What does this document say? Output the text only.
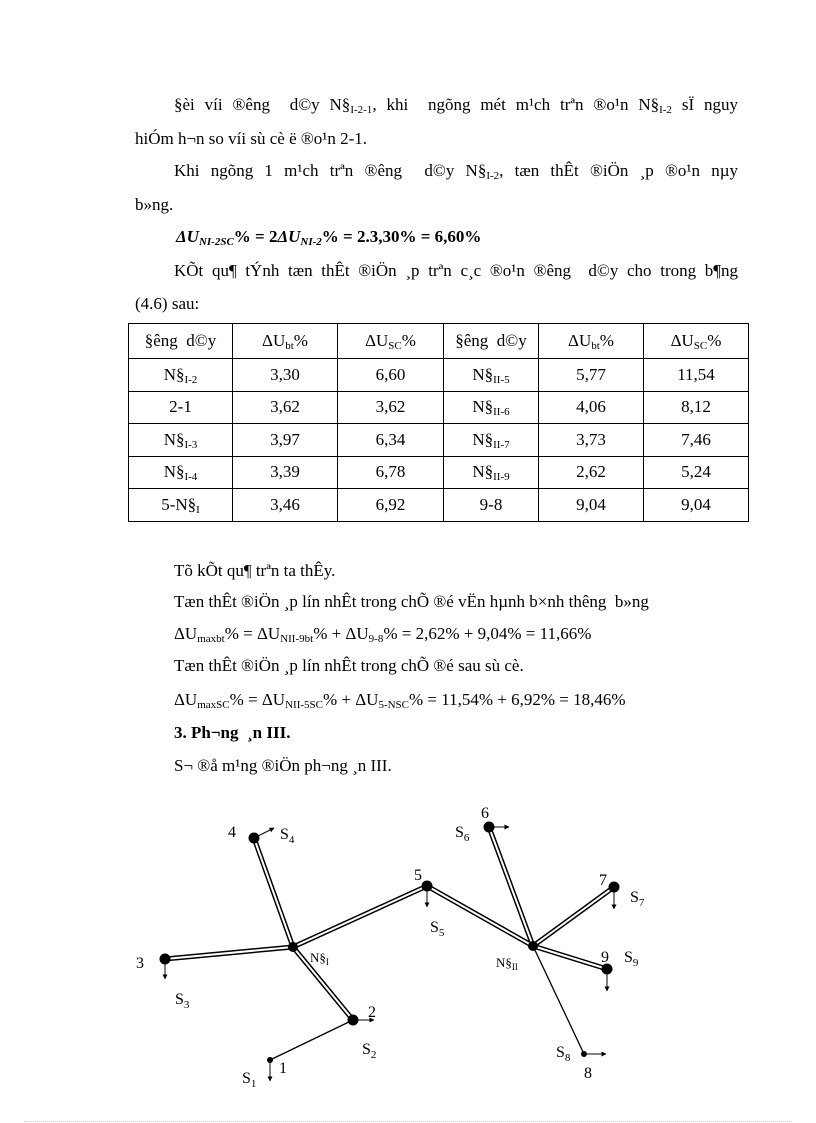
§èi víi ®êng  d©y $N\S_{I-2-1}$, khi  ngõng mét m¹ch trªn ®o¹n $N\S_{I-2}$ sÏ nguy
hiÓm h¬n so víi sù cè ë ®o¹n 2-1.
Khi ngõng 1 m¹ch trªn ®êng  d©y $N\S_{I-2}$, tæn thÊt ®iÖn ¸p ®o¹n nµy
b»ng.
$\Delta U_{NI-2SC}\% = 2\Delta U_{NI-2}\% = 2.3,30\% = 6,60\%$
KÕt qu¶ tÝnh tæn thÊt ®iÖn ¸p trªn c¸c ®o¹n ®êng  d©y cho trong b¶ng
(4.6) sau:
§êng  d©y	$\Delta U_{bt}\%$	$\Delta U_{SC}\%$	§êng  d©y	$\Delta U_{bt}\%$	$\Delta U_{SC}\%$
$N\S_{I-2}$	3,30	6,60	$N\S_{II-5}$	5,77	11,54
2-1	3,62	3,62	$N\S_{II-6}$	4,06	8,12
$N\S_{I-3}$	3,97	6,34	$N\S_{II-7}$	3,73	7,46
$N\S_{I-4}$	3,39	6,78	$N\S_{II-9}$	2,62	5,24
$5-N\S_I$	3,46	6,92	9-8	9,04	9,04
Tõ kÕt qu¶ trªn ta thÊy.
Tæn thÊt ®iÖn ¸p lín nhÊt trong chÕ ®é vËn hµnh b×nh thêng  b»ng
$\Delta U_{maxbt}\% = \Delta U_{NII-9bt}\% + \Delta U_{9-8}\% = 2,62\% + 9,04\% = 11,66\%$
Tæn thÊt ®iÖn ¸p lín nhÊt trong chÕ ®é sau sù cè.
$\Delta U_{maxSC}\% = \Delta U_{NII-5SC}\% + \Delta U_{5-NSC}\% = 11,54\% + 6,92\% = 18,46\%$
3. Ph¬ng  ¸n III.
S¬ ®å m¹ng ®iÖn ph¬ng ¸n III.
4
3
2
1
5
6
7
9
8
$N\S_I$	$N\S_{II}$
$S_4$
$S_3$
$S_2$
$S_1$
$S_5$
$S_6$
$S_7$
$S_9$
$S_8$
